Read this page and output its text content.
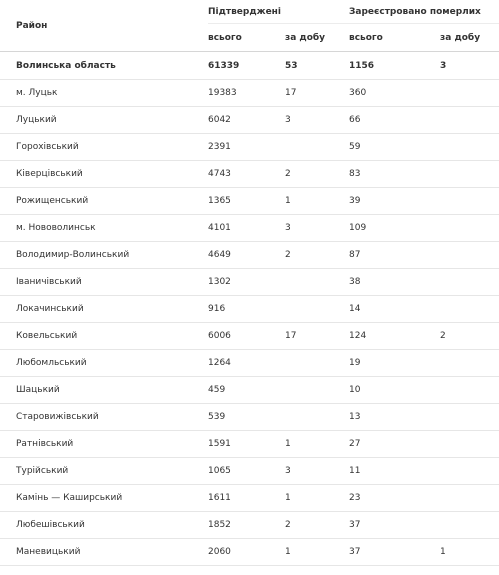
Район	Підтверджені		Зареєстровано померлих	
	всього	за добу	всього	за добу
Волинська область	61339	53	1156	3
м. Луцьк	19383	17	360	
Луцький	6042	3	66	
Горохівський	2391		59	
Ківерцівський	4743	2	83	
Рожищенський	1365	1	39	
м. Нововолинськ	4101	3	109	
Володимир-Волинський	4649	2	87	
Іваничівський	1302		38	
Локачинський	916		14	
Ковельський	6006	17	124	2
Любомльський	1264		19	
Шацький	459		10	
Старовижівський	539		13	
Ратнівський	1591	1	27	
Турійський	1065	3	11	
Камінь — Каширський	1611	1	23	
Любешівський	1852	2	37	
Маневицький	2060	1	37	1
